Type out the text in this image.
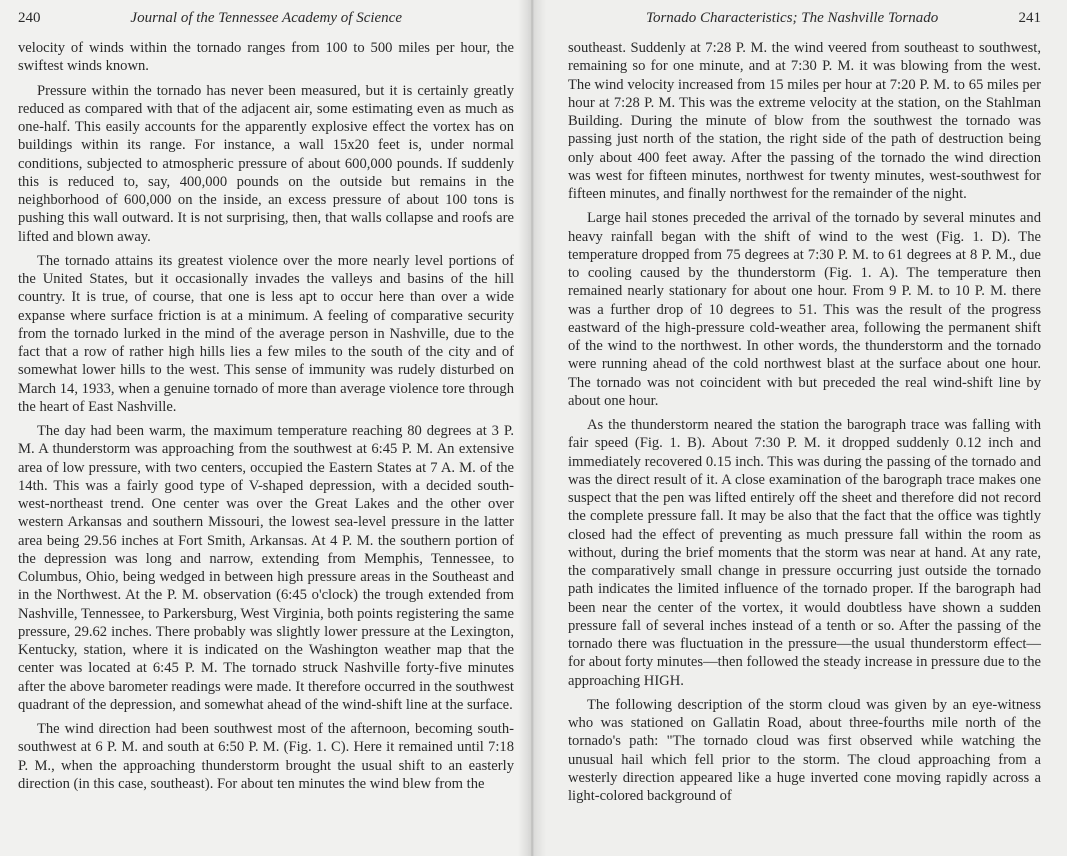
240	Journal of the Tennessee Academy of Science

velocity of winds within the tornado ranges from 100 to 500 miles per hour, the swiftest winds known.

Pressure within the tornado has never been measured, but it is certainly greatly reduced as compared with that of the adjacent air, some estimating even as much as one-half. This easily accounts for the apparently explosive effect the vortex has on buildings within its range. For instance, a wall 15x20 feet is, under normal conditions, subjected to atmospheric pressure of about 600,000 pounds. If suddenly this is reduced to, say, 400,000 pounds on the outside but remains in the neighborhood of 600,000 on the inside, an excess pressure of about 100 tons is pushing this wall outward. It is not surprising, then, that walls collapse and roofs are lifted and blown away.

The tornado attains its greatest violence over the more nearly level portions of the United States, but it occasionally invades the valleys and basins of the hill country. It is true, of course, that one is less apt to occur here than over a wide expanse where surface friction is at a minimum. A feeling of comparative security from the tornado lurked in the mind of the average person in Nashville, due to the fact that a row of rather high hills lies a few miles to the south of the city and of somewhat lower hills to the west. This sense of immunity was rudely disturbed on March 14, 1933, when a genuine tornado of more than average violence tore through the heart of East Nashville.

The day had been warm, the maximum temperature reaching 80 degrees at 3 P. M. A thunderstorm was approaching from the southwest at 6:45 P. M. An extensive area of low pressure, with two centers, occupied the Eastern States at 7 A. M. of the 14th. This was a fairly good type of V-shaped depression, with a decided south-west-northeast trend. One center was over the Great Lakes and the other over western Arkansas and southern Missouri, the lowest sea-level pressure in the latter area being 29.56 inches at Fort Smith, Arkansas. At 4 P. M. the southern portion of the depression was long and narrow, extending from Memphis, Tennessee, to Columbus, Ohio, being wedged in between high pressure areas in the Southeast and in the Northwest. At the P. M. observation (6:45 o'clock) the trough extended from Nashville, Tennessee, to Parkersburg, West Virginia, both points registering the same pressure, 29.62 inches. There probably was slightly lower pressure at the Lexington, Kentucky, station, where it is indicated on the Washington weather map that the center was located at 6:45 P. M. The tornado struck Nashville forty-five minutes after the above barometer readings were made. It therefore occurred in the southwest quadrant of the depression, and somewhat ahead of the wind-shift line at the surface.

The wind direction had been southwest most of the afternoon, becoming south-southwest at 6 P. M. and south at 6:50 P. M. (Fig. 1. C). Here it remained until 7:18 P. M., when the approaching thunderstorm brought the usual shift to an easterly direction (in this case, southeast). For about ten minutes the wind blew from the

Tornado Characteristics; The Nashville Tornado	241

southeast. Suddenly at 7:28 P. M. the wind veered from southeast to southwest, remaining so for one minute, and at 7:30 P. M. it was blowing from the west. The wind velocity increased from 15 miles per hour at 7:20 P. M. to 65 miles per hour at 7:28 P. M. This was the extreme velocity at the station, on the Stahlman Building. During the minute of blow from the southwest the tornado was passing just north of the station, the right side of the path of destruction being only about 400 feet away. After the passing of the tornado the wind direction was west for fifteen minutes, northwest for twenty minutes, west-southwest for fifteen minutes, and finally northwest for the remainder of the night.

Large hail stones preceded the arrival of the tornado by several minutes and heavy rainfall began with the shift of wind to the west (Fig. 1. D). The temperature dropped from 75 degrees at 7:30 P. M. to 61 degrees at 8 P. M., due to cooling caused by the thunderstorm (Fig. 1. A). The temperature then remained nearly stationary for about one hour. From 9 P. M. to 10 P. M. there was a further drop of 10 degrees to 51. This was the result of the progress eastward of the high-pressure cold-weather area, following the permanent shift of the wind to the northwest. In other words, the thunderstorm and the tornado were running ahead of the cold northwest blast at the surface about one hour. The tornado was not coincident with but preceded the real wind-shift line by about one hour.

As the thunderstorm neared the station the barograph trace was falling with fair speed (Fig. 1. B). About 7:30 P. M. it dropped suddenly 0.12 inch and immediately recovered 0.15 inch. This was during the passing of the tornado and was the direct result of it. A close examination of the barograph trace makes one suspect that the pen was lifted entirely off the sheet and therefore did not record the complete pressure fall. It may be also that the fact that the office was tightly closed had the effect of preventing as much pressure fall within the room as without, during the brief moments that the storm was near at hand. At any rate, the comparatively small change in pressure occurring just outside the tornado path indicates the limited influence of the tornado proper. If the barograph had been near the center of the vortex, it would doubtless have shown a sudden pressure fall of several inches instead of a tenth or so. After the passing of the tornado there was fluctuation in the pressure—the usual thunderstorm effect—for about forty minutes—then followed the steady increase in pressure due to the approaching HIGH.

The following description of the storm cloud was given by an eye-witness who was stationed on Gallatin Road, about three-fourths mile north of the tornado's path: "The tornado cloud was first observed while watching the unusual hail which fell prior to the storm. The cloud approaching from a westerly direction appeared like a huge inverted cone moving rapidly across a light-colored background of
